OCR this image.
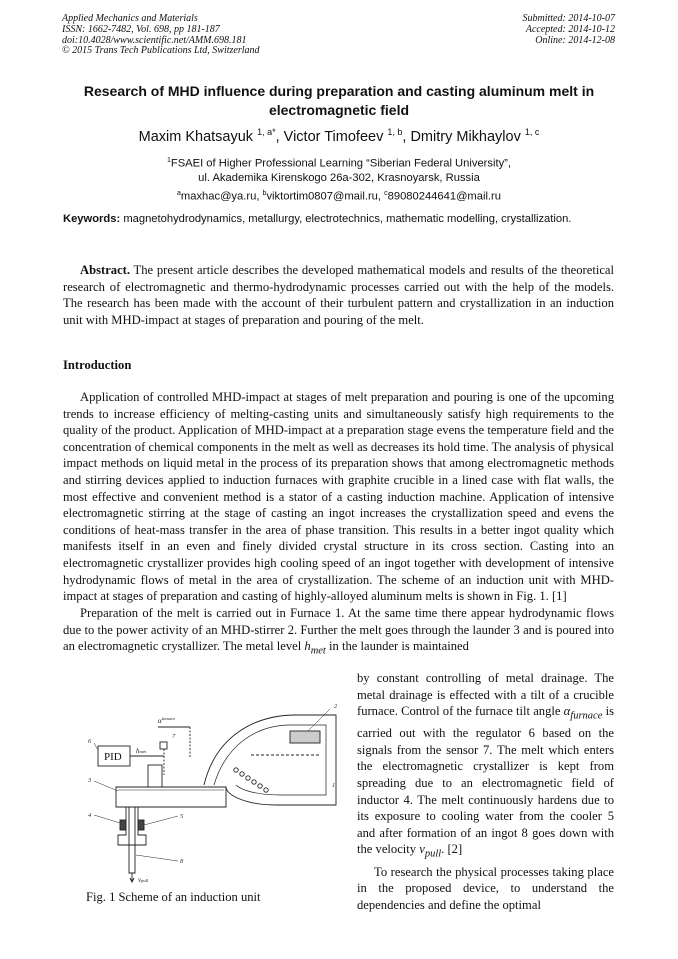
Applied Mechanics and Materials
ISSN: 1662-7482, Vol. 698, pp 181-187
doi:10.4028/www.scientific.net/AMM.698.181
© 2015 Trans Tech Publications Ltd, Switzerland
Submitted: 2014-10-07
Accepted: 2014-10-12
Online: 2014-12-08
Research of MHD influence during preparation and casting aluminum melt in electromagnetic field
Maxim Khatsayuk $^{1, a*}$, Victor Timofeev $^{1, b}$, Dmitry Mikhaylov $^{1, c}$
$^1$FSAEI of Higher Professional Learning “Siberian Federal University”,
ul. Akademika Kirenskogo 26a-302, Krasnoyarsk, Russia
$^a$maxhac@ya.ru, $^b$viktortim0807@mail.ru, $^c$89080244641@mail.ru
Keywords: magnetohydrodynamics, metallurgy, electrotechnics, mathematic modelling, crystallization.

Abstract. The present article describes the developed mathematical models and results of the theoretical research of electromagnetic and thermo-hydrodynamic processes carried out with the help of the models. The research has been made with the account of their turbulent pattern and crystallization in an induction unit with MHD-impact at stages of preparation and pouring of the melt.

Introduction

Application of controlled MHD-impact at stages of melt preparation and pouring is one of the upcoming trends to increase efficiency of melting-casting units and simultaneously satisfy high requirements to the quality of the product. Application of MHD-impact at a preparation stage evens the temperature field and the concentration of chemical components in the melt as well as decreases its hold time. The analysis of physical impact methods on liquid metal in the process of its preparation shows that among electromagnetic methods and stirring devices applied to induction furnaces with graphite crucible in a lined case with flat walls, the most effective and convenient method is a stator of a casting induction machine. Application of intensive electromagnetic stirring at the stage of casting an ingot increases the crystallization speed and evens the conditions of heat-mass transfer in the area of phase transition. This results in a better ingot quality which manifests itself in an even and finely divided crystal structure in its cross section. Casting into an electromagnetic crystallizer provides high cooling speed of an ingot together with development of intensive hydrodynamic flows of metal in the area of crystallization. The scheme of an induction unit with MHD-impact at stages of preparation and casting of highly-alloyed aluminum melts is shown in Fig. 1. [1]

Preparation of the melt is carried out in Furnace 1. At the same time there appear hydrodynamic flows due to the power activity of an MHD-stirrer 2. Further the melt goes through the launder 3 and is poured into an electromagnetic crystallizer. The metal level $h_{met}$ in the launder is maintained

by constant controlling of metal drainage. The metal drainage is effected with a tilt of a crucible furnace. Control of the furnace tilt angle $\alpha_{furnace}$ is carried out with the regulator 6 based on the signals from the sensor 7. The melt which enters the electromagnetic crystallizer is kept from spreading due to an electromagnetic field of inductor 4. The melt continuously hardens due to its exposure to cooling water from the cooler 5 and after formation of an ingot 8 goes down with the velocity $v_{pull}$. [2]

To research the physical processes taking place in the proposed device, to understand the dependencies and define the optimal

$\alpha^{furnace}$
PID hmet
vpull
1
2
3
4	5
6
7
8
Fig. 1 Scheme of an induction unit
